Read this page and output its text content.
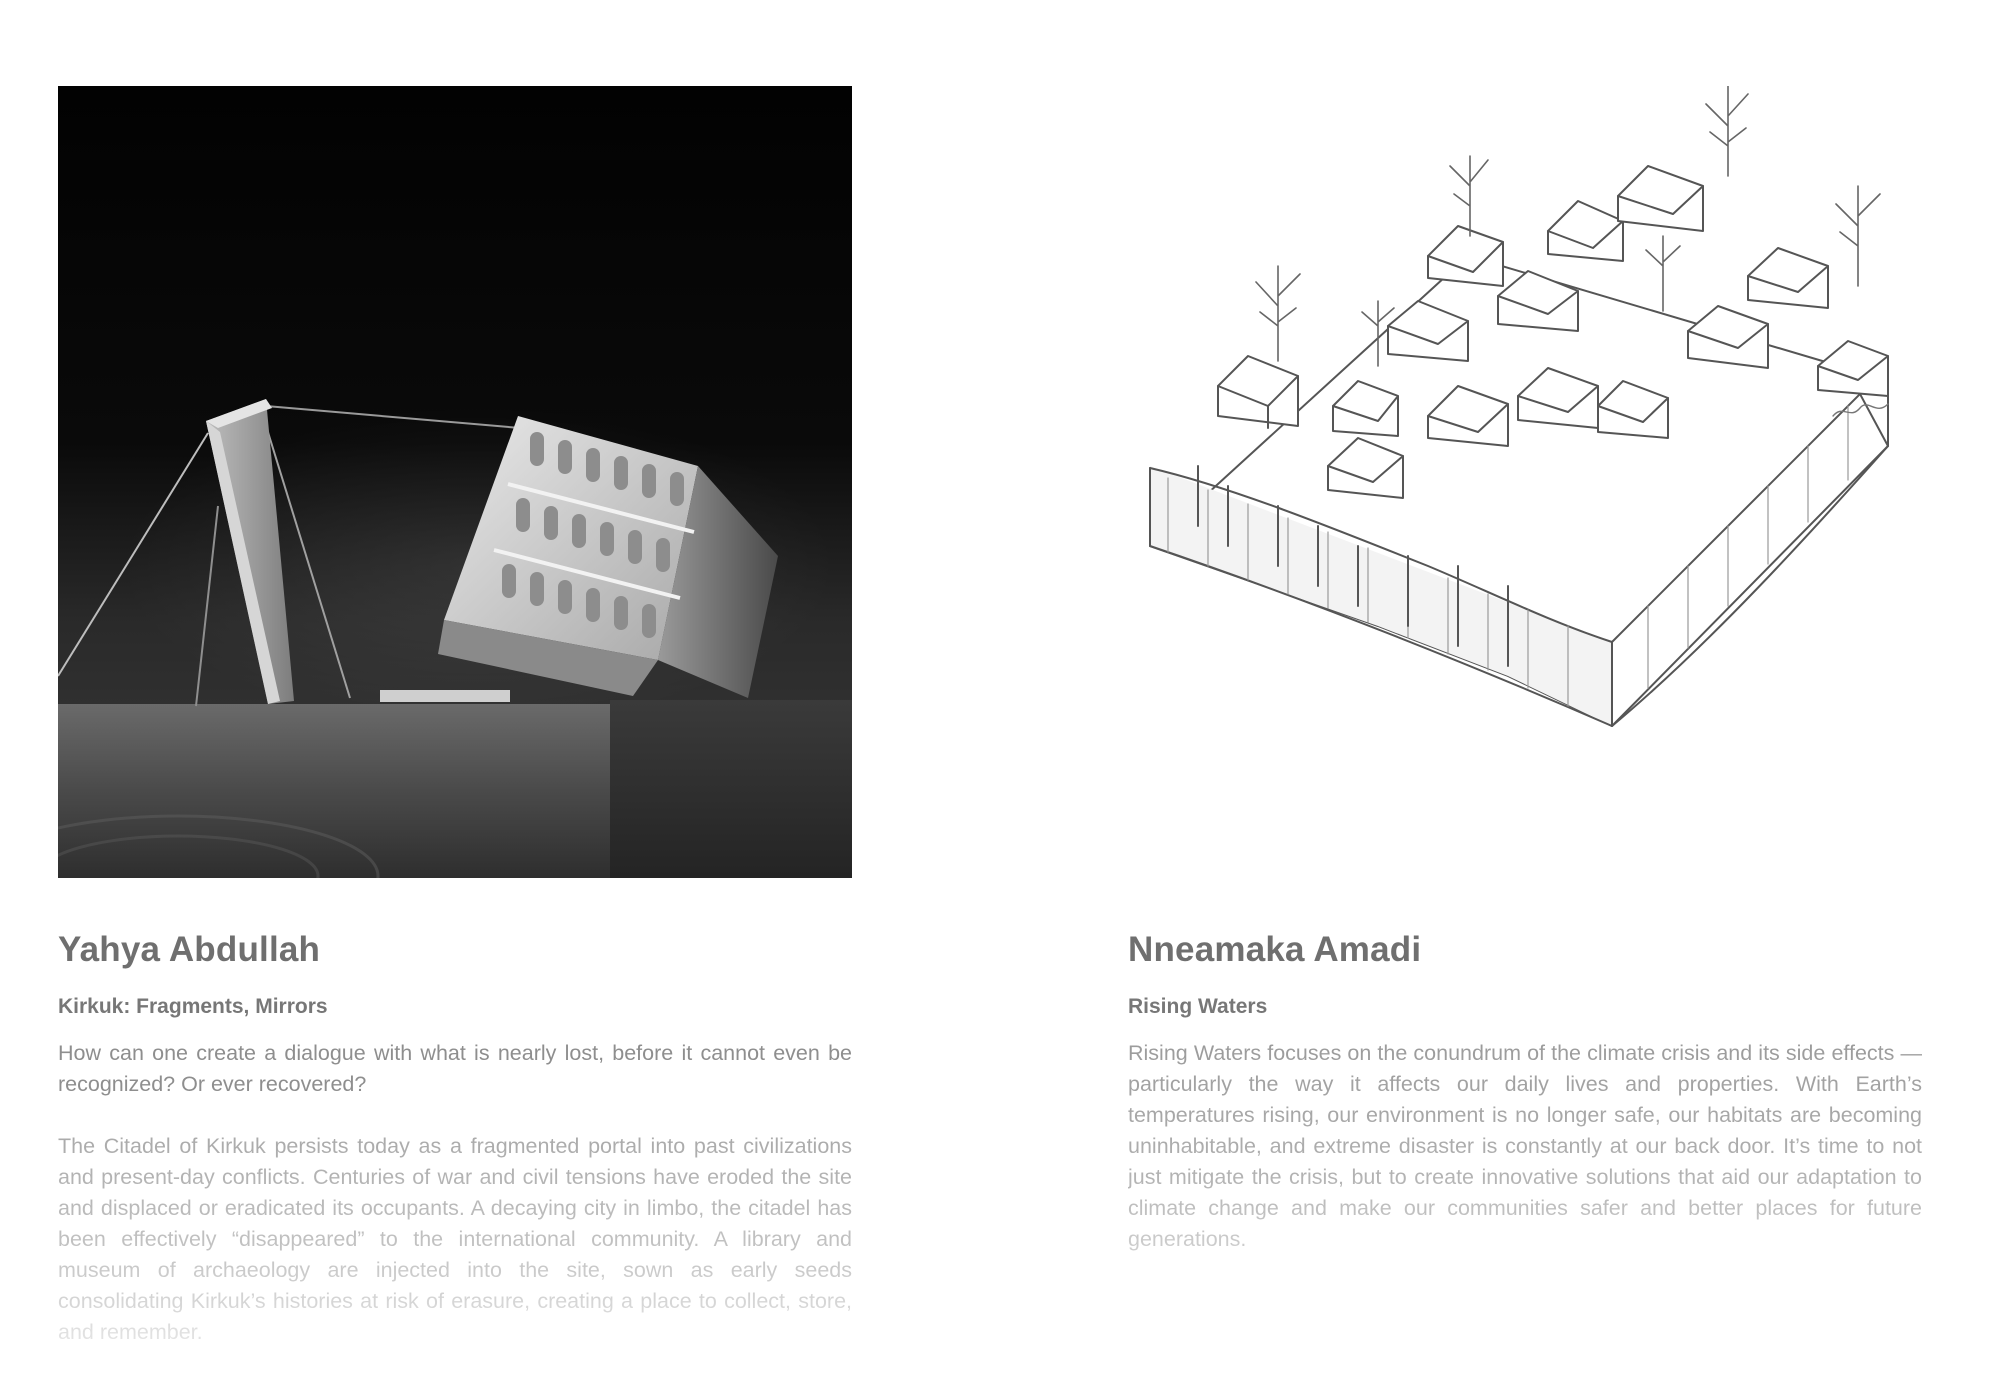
Yahya Abdullah
Kirkuk: Fragments, Mirrors

How can one create a dialogue with what is nearly lost, before it cannot even be recognized? Or ever recovered?

The Citadel of Kirkuk persists today as a fragmented portal into past civilizations and present-day conflicts. Centuries of war and civil tensions have eroded the site and displaced or eradicated its occupants. A decaying city in limbo, the citadel has been effectively “disappeared” to the international community. A library and museum of archaeology are injected into the site, sown as early seeds consolidating Kirkuk’s histories at risk of erasure, creating a place to collect, store, and remember.

Nneamaka Amadi
Rising Waters

Rising Waters focuses on the conundrum of the climate crisis and its side effects — particularly the way it affects our daily lives and properties. With Earth’s temperatures rising, our environment is no longer safe, our habitats are becoming uninhabitable, and extreme disaster is constantly at our back door. It’s time to not just mitigate the crisis, but to create innovative solutions that aid our adaptation to climate change and make our communities safer and better places for future generations.
